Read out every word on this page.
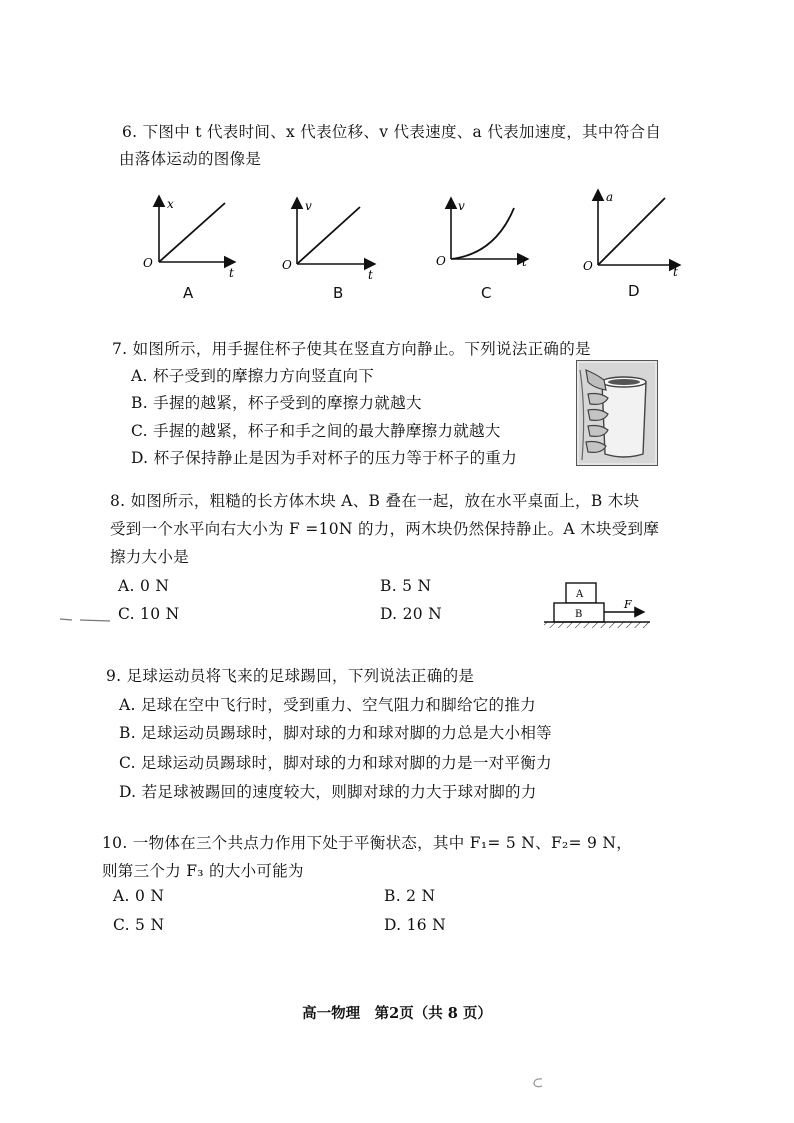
6. 下图中 t 代表时间、x 代表位移、v 代表速度、a 代表加速度，其中符合自
由落体运动的图像是
x
t
O
v
t
O
v
t
O
a
t
O
A	B	C	D
7. 如图所示，用手握住杯子使其在竖直方向静止。下列说法正确的是
A. 杯子受到的摩擦力方向竖直向下
B. 手握的越紧，杯子受到的摩擦力就越大
C. 手握的越紧，杯子和手之间的最大静摩擦力就越大
D. 杯子保持静止是因为手对杯子的压力等于杯子的重力
8. 如图所示，粗糙的长方体木块 A、B 叠在一起，放在水平桌面上，B 木块
受到一个水平向右大小为 F =10N 的力，两木块仍然保持静止。A 木块受到摩
擦力大小是
A. 0 N	B. 5 N
C. 10 N	D. 20 N
A
B
F
9. 足球运动员将飞来的足球踢回，下列说法正确的是
A. 足球在空中飞行时，受到重力、空气阻力和脚给它的推力
B. 足球运动员踢球时，脚对球的力和球对脚的力总是大小相等
C. 足球运动员踢球时，脚对球的力和球对脚的力是一对平衡力
D. 若足球被踢回的速度较大，则脚对球的力大于球对脚的力
10. 一物体在三个共点力作用下处于平衡状态，其中 F₁= 5 N、F₂= 9 N，
则第三个力 F₃ 的大小可能为
A. 0 N	B. 2 N
C. 5 N	D. 16 N
高一物理　第2页（共 8 页）
